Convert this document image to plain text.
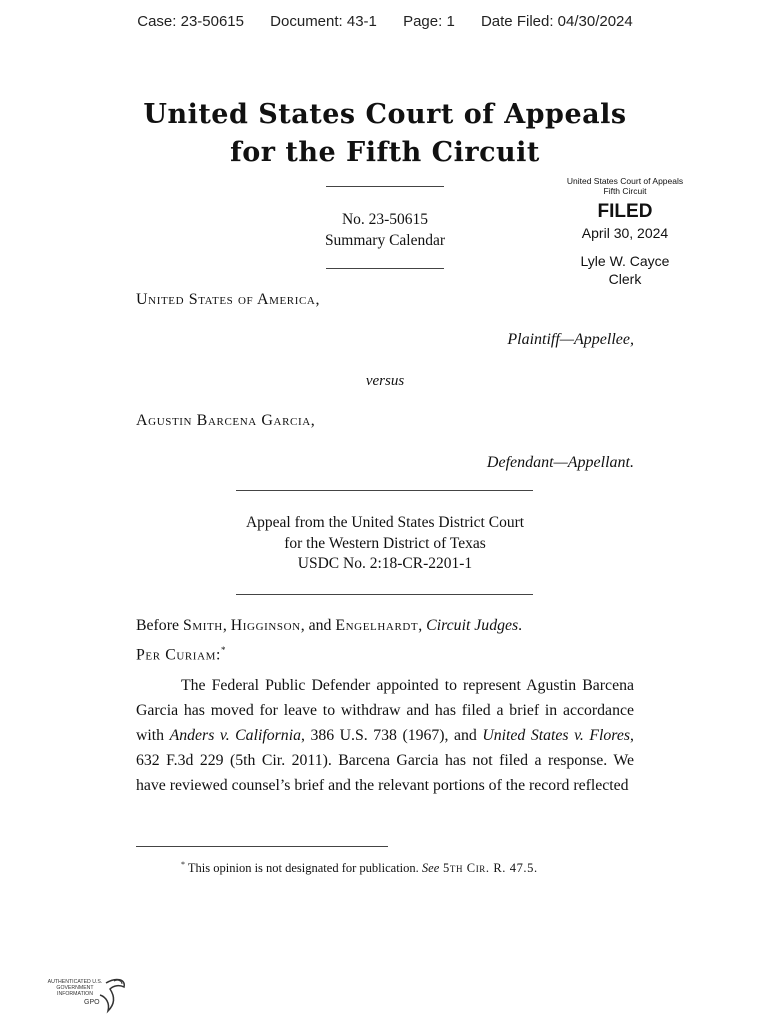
Case: 23-50615 Document: 43-1 Page: 1 Date Filed: 04/30/2024
United States Court of Appeals
for the Fifth Circuit
No. 23-50615
Summary Calendar
United States Court of Appeals
Fifth Circuit
FILED
April 30, 2024
Lyle W. Cayce
Clerk
United States of America,
Plaintiff—Appellee,
versus
Agustin Barcena Garcia,
Defendant—Appellant.
Appeal from the United States District Court
for the Western District of Texas
USDC No. 2:18-CR-2201-1
Before Smith, Higginson, and Engelhardt, Circuit Judges.
Per Curiam:*
The Federal Public Defender appointed to represent Agustin Barcena Garcia has moved for leave to withdraw and has filed a brief in accordance with Anders v. California, 386 U.S. 738 (1967), and United States v. Flores, 632 F.3d 229 (5th Cir. 2011). Barcena Garcia has not filed a response. We have reviewed counsel’s brief and the relevant portions of the record reflected
* This opinion is not designated for publication. See 5th Cir. R. 47.5.
AUTHENTICATED U.S. GOVERNMENT INFORMATION
GPO
